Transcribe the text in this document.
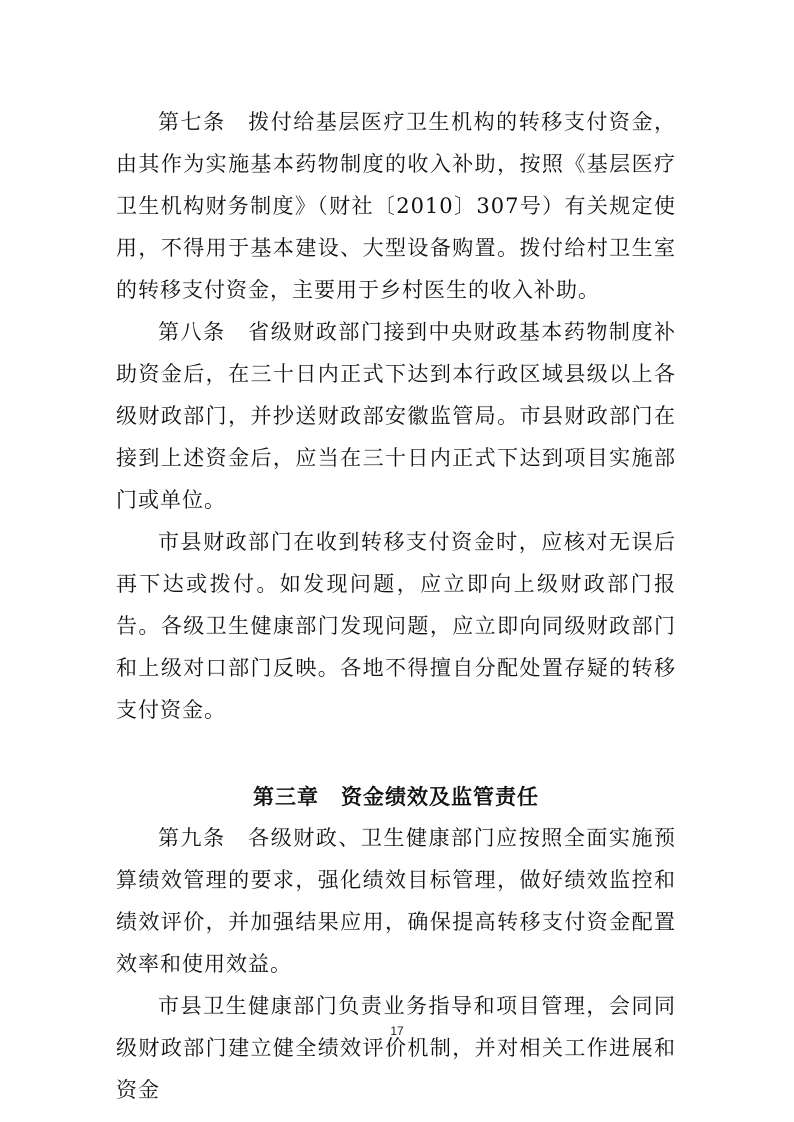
第七条　拨付给基层医疗卫生机构的转移支付资金，由其作为实施基本药物制度的收入补助，按照《基层医疗卫生机构财务制度》（财社〔2010〕307号）有关规定使用，不得用于基本建设、大型设备购置。拨付给村卫生室的转移支付资金，主要用于乡村医生的收入补助。

第八条　省级财政部门接到中央财政基本药物制度补助资金后，在三十日内正式下达到本行政区域县级以上各级财政部门，并抄送财政部安徽监管局。市县财政部门在接到上述资金后，应当在三十日内正式下达到项目实施部门或单位。

市县财政部门在收到转移支付资金时，应核对无误后再下达或拨付。如发现问题，应立即向上级财政部门报告。各级卫生健康部门发现问题，应立即向同级财政部门和上级对口部门反映。各地不得擅自分配处置存疑的转移支付资金。

第三章　资金绩效及监管责任

第九条　各级财政、卫生健康部门应按照全面实施预算绩效管理的要求，强化绩效目标管理，做好绩效监控和绩效评价，并加强结果应用，确保提高转移支付资金配置效率和使用效益。

市县卫生健康部门负责业务指导和项目管理，会同同级财政部门建立健全绩效评价机制，并对相关工作进展和资金

17
